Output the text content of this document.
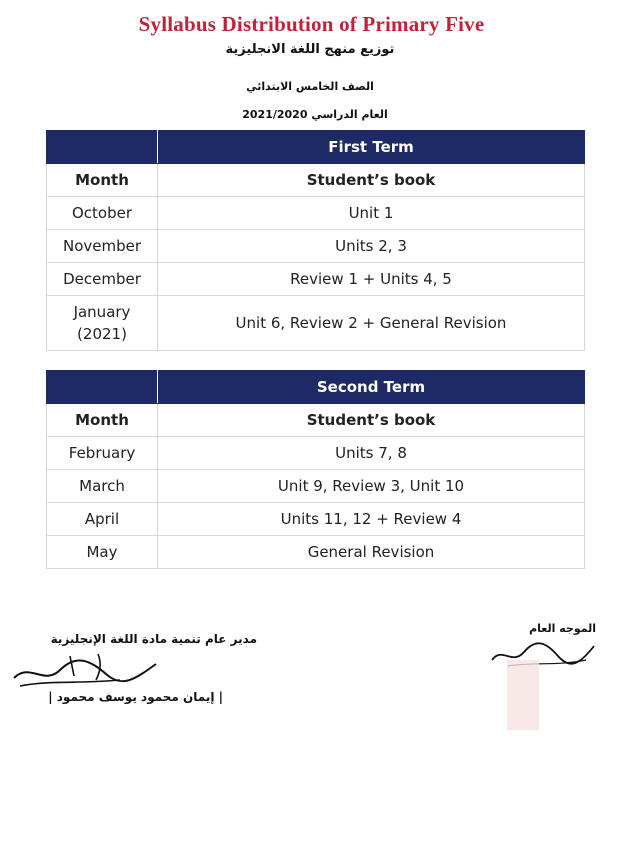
Syllabus Distribution of Primary Five
توزيع منهج اللغة الانجليزية
الصف الخامس الابتدائي
العام الدراسي 2021/2020
	First Term
Month	Student’s book
October	Unit 1
November	Units 2, 3
December	Review 1 + Units 4, 5

January
(2021)	Unit 6, Review 2 + General Revision
	Second Term
Month	Student’s book
February	Units 7, 8
March	Unit 9, Review 3, Unit 10
April	Units 11, 12 + Review 4
May	General Revision
مدير عام تنمية مادة اللغة الإنجليزية
| إيمان محمود يوسف محمود |
الموجه العام
